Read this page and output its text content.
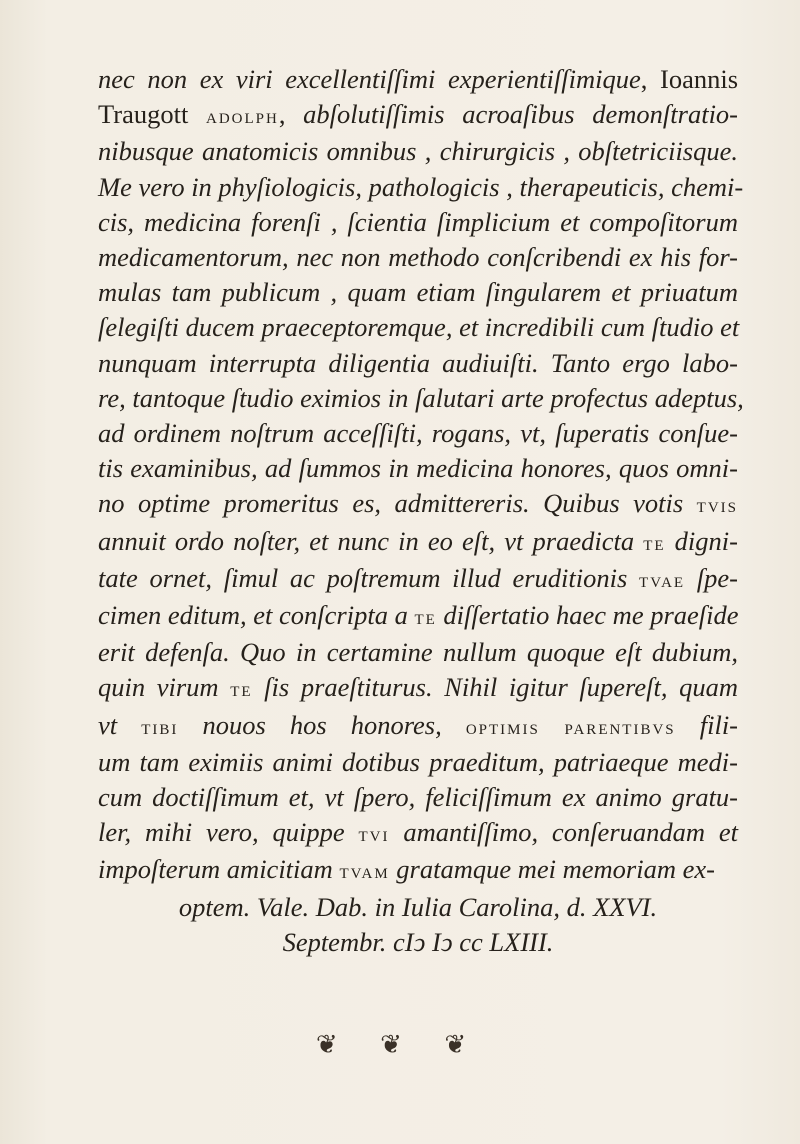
nec non ex viri excellentiſſimi experientiſſimique, Ioannis
Traugott adolph, abſolutiſſimis acroaſibus demonſtratio-
nibusque anatomicis omnibus , chirurgicis , obſtetriciisque.
Me vero in phyſiologicis, pathologicis , therapeuticis, chemi-
cis, medicina forenſi , ſcientia ſimplicium et compoſitorum
medicamentorum, nec non methodo conſcribendi ex his for-
mulas tam publicum , quam etiam ſingularem et priuatum
ſelegiſti ducem praeceptoremque, et incredibili cum ſtudio et
nunquam interrupta diligentia audiuiſti. Tanto ergo labo-
re, tantoque ſtudio eximios in ſalutari arte profectus adeptus,
ad ordinem noſtrum acceſſiſti, rogans, vt, ſuperatis conſue-
tis examinibus, ad ſummos in medicina honores, quos omni-
no optime promeritus es, admittereris. Quibus votis tvis
annuit ordo noſter, et nunc in eo eſt, vt praedicta te digni-
tate ornet, ſimul ac poſtremum illud eruditionis tvae ſpe-
cimen editum, et conſcripta a te diſſertatio haec me praeſide
erit defenſa. Quo in certamine nullum quoque eſt dubium,
quin virum te ſis praeſtiturus. Nihil igitur ſupereſt, quam
vt tibi nouos hos honores, optimis parentibvs fili-
um tam eximiis animi dotibus praeditum, patriaeque medi-
cum doctiſſimum et, vt ſpero, feliciſſimum ex animo gratu-
ler, mihi vero, quippe tvi amantiſſimo, conſeruandam et
impoſterum amicitiam tvam gratamque mei memoriam ex-
optem. Vale. Dab. in Iulia Carolina, d. XXVI.
Septembr. cIↄ Iↄ cc LXIII.
❦ ❦ ❦
